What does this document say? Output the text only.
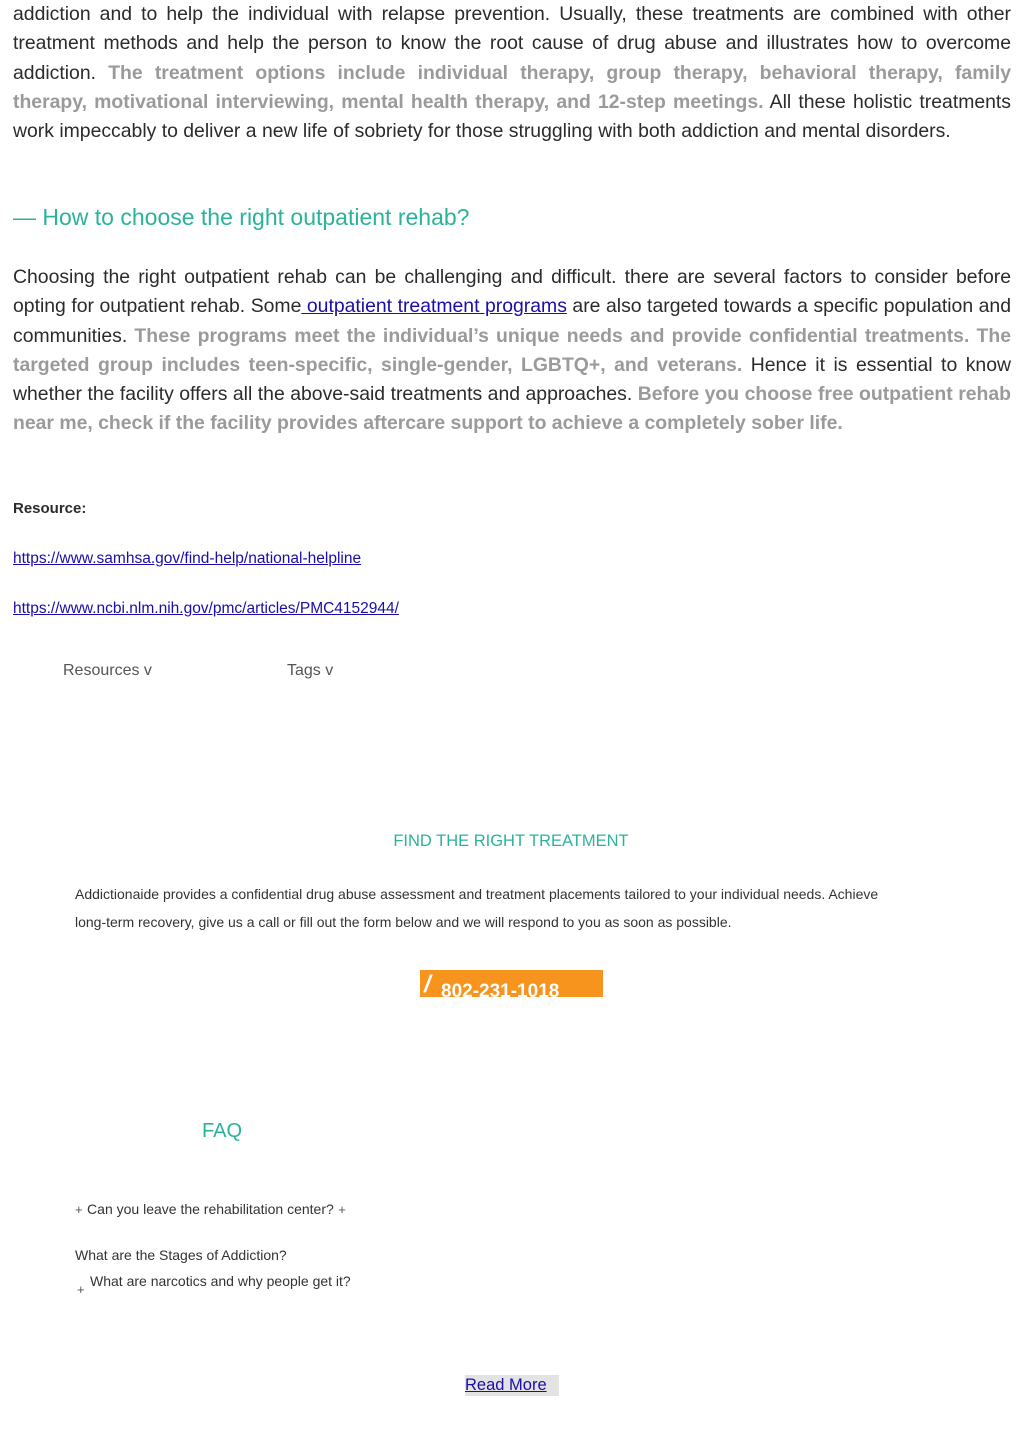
addiction and to help the individual with relapse prevention. Usually, these treatments are combined with other treatment methods and help the person to know the root cause of drug abuse and illustrates how to overcome addiction. The treatment options include individual therapy, group therapy, behavioral therapy, family therapy, motivational interviewing, mental health therapy, and 12-step meetings. All these holistic treatments work impeccably to deliver a new life of sobriety for those struggling with both addiction and mental disorders.

— How to choose the right outpatient rehab?

Choosing the right outpatient rehab can be challenging and difficult. there are several factors to consider before opting for outpatient rehab. Some outpatient treatment programs are also targeted towards a specific population and communities. These programs meet the individual’s unique needs and provide confidential treatments. The targeted group includes teen-specific, single-gender, LGBTQ+, and veterans. Hence it is essential to know whether the facility offers all the above-said treatments and approaches. Before you choose free outpatient rehab near me, check if the facility provides aftercare support to achieve a completely sober life.

Resource:

https://www.samhsa.gov/find-help/national-helpline
https://www.ncbi.nlm.nih.gov/pmc/articles/PMC4152944/
Resources v	Tags v
FIND THE RIGHT TREATMENT

Addictionaide provides a confidential drug abuse assessment and treatment placements tailored to your individual needs. Achieve
long-term recovery, give us a call or fill out the form below and we will respond to you as soon as possible.

/ 802-231-1018
FAQ
+ Can you leave the rehabilitation center? +
What are the Stages of Addiction?
+
What are narcotics and why people get it?
Read More
